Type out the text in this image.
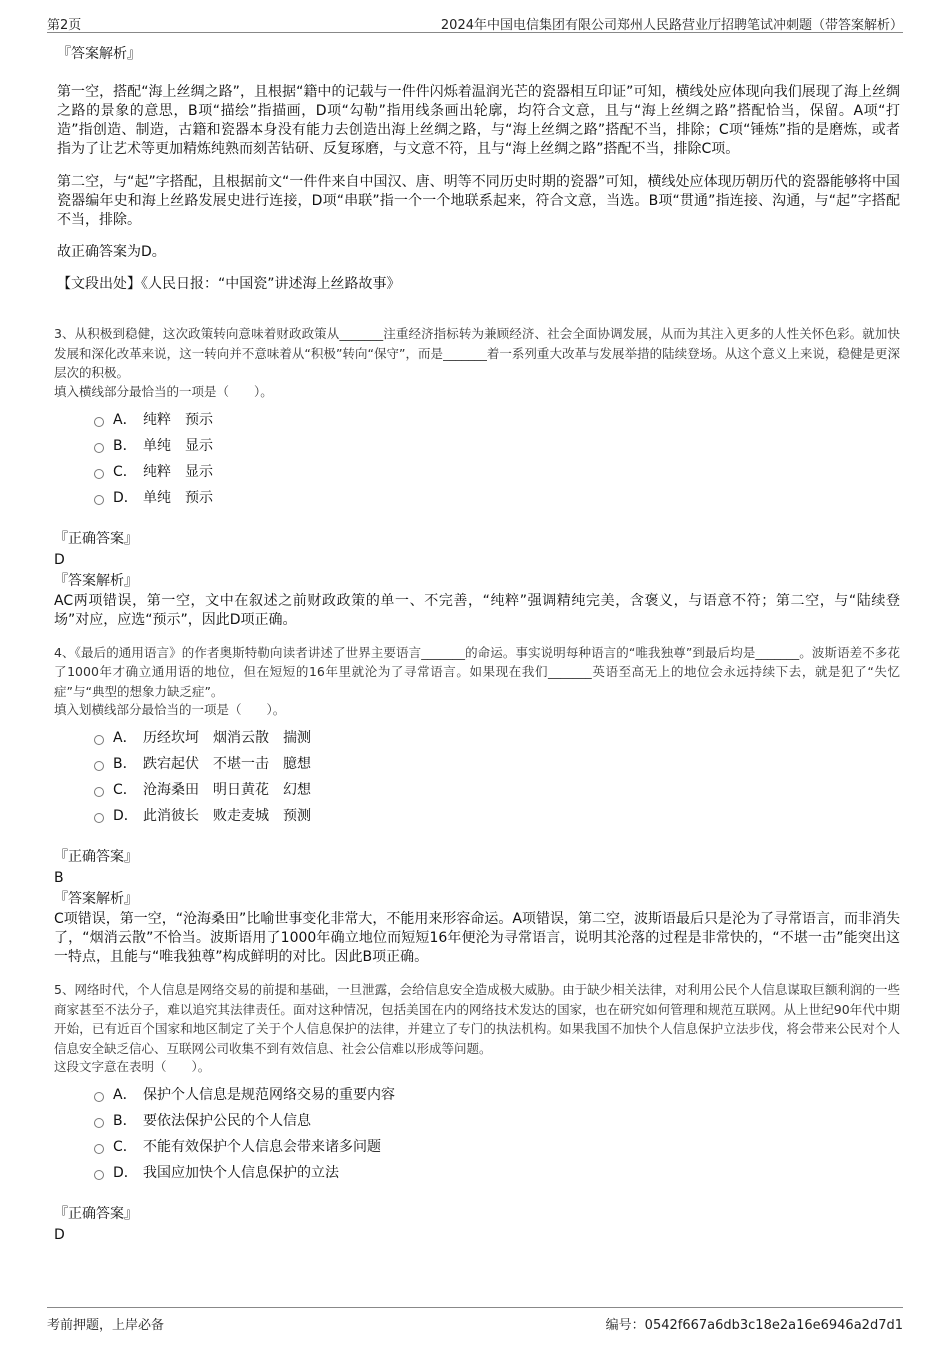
第2页	2024年中国电信集团有限公司郑州人民路营业厅招聘笔试冲刺题（带答案解析）

『答案解析』

第一空，搭配“海上丝绸之路”，且根据“籍中的记载与一件件闪烁着温润光芒的瓷器相互印证”可知，横线处应体现向我们展现了海上丝绸之路的景象的意思，B项“描绘”指描画，D项“勾勒”指用线条画出轮廓，均符合文意，且与“海上丝绸之路”搭配恰当，保留。A项“打造”指创造、制造，古籍和瓷器本身没有能力去创造出海上丝绸之路，与“海上丝绸之路”搭配不当，排除；C项“锤炼”指的是磨炼，或者指为了让艺术等更加精炼纯熟而刻苦钻研、反复琢磨，与文意不符，且与“海上丝绸之路”搭配不当，排除C项。

第二空，与“起”字搭配，且根据前文“一件件来自中国汉、唐、明等不同历史时期的瓷器”可知，横线处应体现历朝历代的瓷器能够将中国瓷器编年史和海上丝路发展史进行连接，D项“串联”指一个一个地联系起来，符合文意，当选。B项“贯通”指连接、沟通，与“起”字搭配不当，排除。

故正确答案为D。

【文段出处】《人民日报：“中国瓷”讲述海上丝路故事》

3、从积极到稳健，这次政策转向意味着财政政策从_______注重经济指标转为兼顾经济、社会全面协调发展，从而为其注入更多的人性关怀色彩。就加快发展和深化改革来说，这一转向并不意味着从“积极”转向“保守”，而是_______着一系列重大改革与发展举措的陆续登场。从这个意义上来说，稳健是更深层次的积极。

填入横线部分最恰当的一项是（　　）。

A． 纯粹　预示
B． 单纯　显示
C． 纯粹　显示
D． 单纯　预示

『正确答案』

D

『答案解析』

AC两项错误，第一空，文中在叙述之前财政政策的单一、不完善，“纯粹”强调精纯完美，含褒义，与语意不符；第二空，与“陆续登场”对应，应选“预示”，因此D项正确。

4、《最后的通用语言》的作者奥斯特勒向读者讲述了世界主要语言_______的命运。事实说明每种语言的“唯我独尊”到最后均是_______。波斯语差不多花了1000年才确立通用语的地位，但在短短的16年里就沦为了寻常语言。如果现在我们_______英语至高无上的地位会永远持续下去，就是犯了“失忆症”与“典型的想象力缺乏症”。

填入划横线部分最恰当的一项是（　　）。

A． 历经坎坷　烟消云散　揣测
B． 跌宕起伏　不堪一击　臆想
C． 沧海桑田　明日黄花　幻想
D． 此消彼长　败走麦城　预测

『正确答案』

B

『答案解析』

C项错误，第一空，“沧海桑田”比喻世事变化非常大，不能用来形容命运。A项错误，第二空，波斯语最后只是沦为了寻常语言，而非消失了，“烟消云散”不恰当。波斯语用了1000年确立地位而短短16年便沦为寻常语言，说明其沦落的过程是非常快的，“不堪一击”能突出这一特点，且能与“唯我独尊”构成鲜明的对比。因此B项正确。

5、网络时代，个人信息是网络交易的前提和基础，一旦泄露，会给信息安全造成极大威胁。由于缺少相关法律，对利用公民个人信息谋取巨额利润的一些商家甚至不法分子，难以追究其法律责任。面对这种情况，包括美国在内的网络技术发达的国家，也在研究如何管理和规范互联网。从上世纪90年代中期开始，已有近百个国家和地区制定了关于个人信息保护的法律，并建立了专门的执法机构。如果我国不加快个人信息保护立法步伐，将会带来公民对个人信息安全缺乏信心、互联网公司收集不到有效信息、社会公信难以形成等问题。

这段文字意在表明（　　）。

A． 保护个人信息是规范网络交易的重要内容
B． 要依法保护公民的个人信息
C． 不能有效保护个人信息会带来诸多问题
D． 我国应加快个人信息保护的立法

『正确答案』

D

考前押题，上岸必备	编号：0542f667a6db3c18e2a16e6946a2d7d1
